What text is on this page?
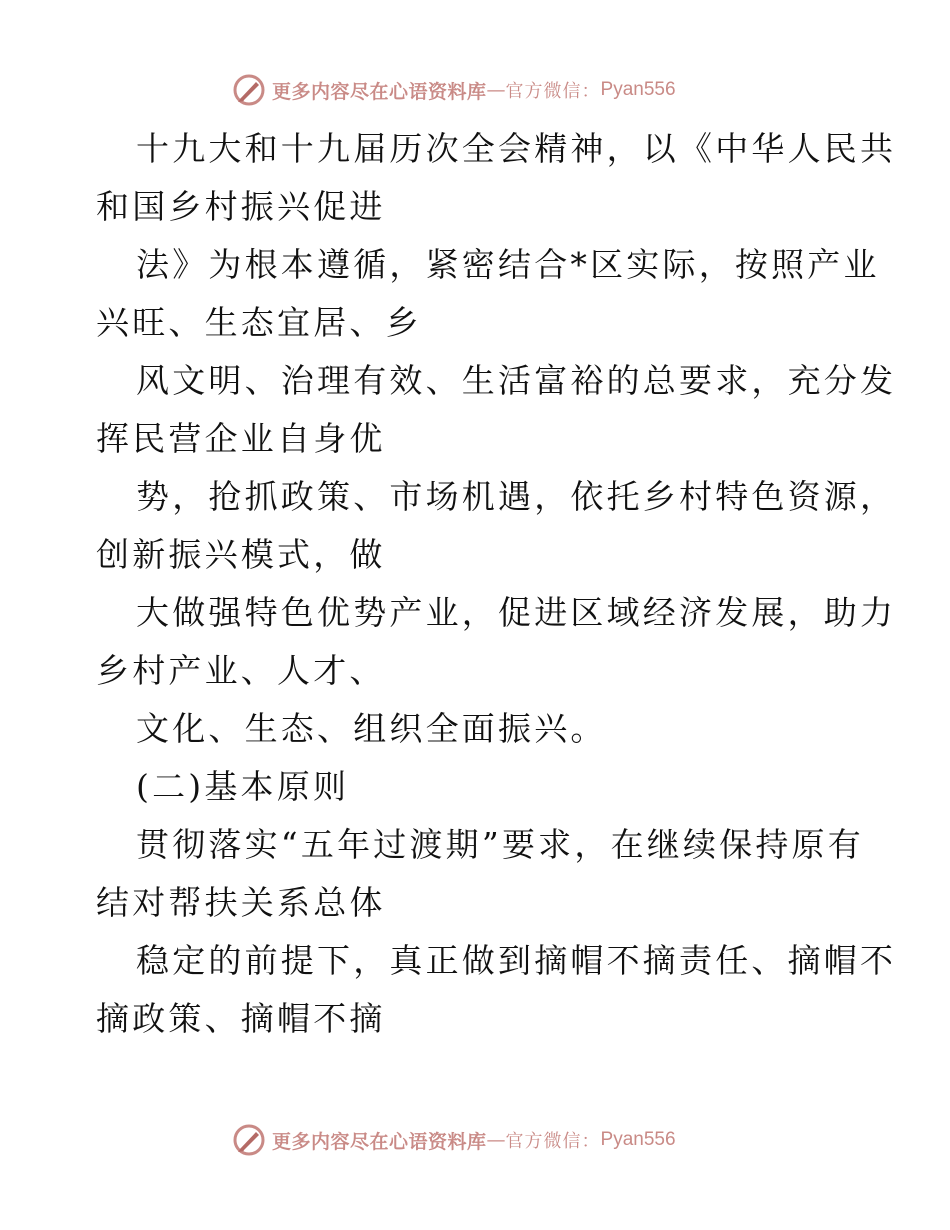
更多内容尽在心语资料库 — 官方微信： Pyan556
十九大和十九届历次全会精神，以《中华人民共
和国乡村振兴促进
法》为根本遵循，紧密结合*区实际，按照产业
兴旺、生态宜居、乡
风文明、治理有效、生活富裕的总要求，充分发
挥民营企业自身优
势，抢抓政策、市场机遇，依托乡村特色资源，
创新振兴模式，做
大做强特色优势产业，促进区域经济发展，助力
乡村产业、人才、
文化、生态、组织全面振兴。
(二)基本原则
贯彻落实“五年过渡期”要求，在继续保持原有
结对帮扶关系总体
稳定的前提下，真正做到摘帽不摘责任、摘帽不
摘政策、摘帽不摘
更多内容尽在心语资料库 — 官方微信： Pyan556
